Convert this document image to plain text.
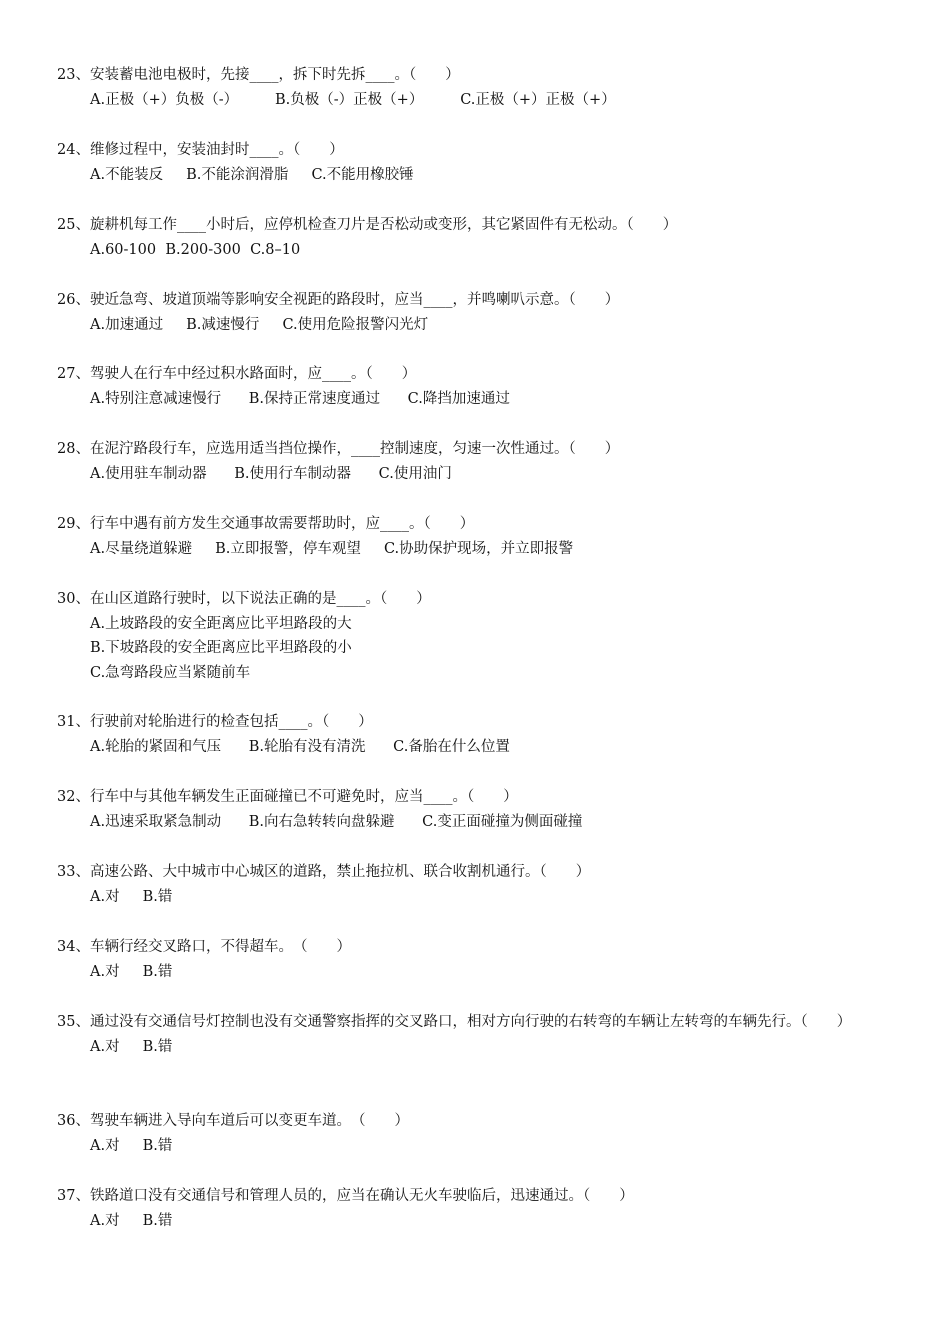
23、安装蓄电池电极时，先接____，拆下时先拆____。（　　）
A.正极（+）负极（-）	B.负极（-）正极（+）	C.正极（+）正极（+）
24、维修过程中，安装油封时____。（　　）
A.不能装反 B.不能涂润滑脂 C.不能用橡胶锤
25、旋耕机每工作____小时后，应停机检查刀片是否松动或变形，其它紧固件有无松动。（　　）
A.60-100 B.200-300 C.8–10
26、驶近急弯、坡道顶端等影响安全视距的路段时，应当____，并鸣喇叭示意。（　　）
A.加速通过 B.减速慢行 C.使用危险报警闪光灯
27、驾驶人在行车中经过积水路面时，应____。（　　）
A.特别注意减速慢行 B.保持正常速度通过 C.降挡加速通过
28、在泥泞路段行车，应选用适当挡位操作，____控制速度，匀速一次性通过。（　　）
A.使用驻车制动器 B.使用行车制动器 C.使用油门
29、行车中遇有前方发生交通事故需要帮助时，应____。（　　）
A.尽量绕道躲避 B.立即报警，停车观望 C.协助保护现场，并立即报警
30、在山区道路行驶时，以下说法正确的是____。（　　）
A.上坡路段的安全距离应比平坦路段的大
B.下坡路段的安全距离应比平坦路段的小
C.急弯路段应当紧随前车
31、行驶前对轮胎进行的检查包括____。（　　）
A.轮胎的紧固和气压 B.轮胎有没有清洗 C.备胎在什么位置
32、行车中与其他车辆发生正面碰撞已不可避免时，应当____。（　　）
A.迅速采取紧急制动 B.向右急转转向盘躲避 C.变正面碰撞为侧面碰撞
33、高速公路、大中城市中心城区的道路，禁止拖拉机、联合收割机通行。（　　）
A.对 B.错
34、车辆行经交叉路口，不得超车。　（　　）
A.对 B.错
35、通过没有交通信号灯控制也没有交通警察指挥的交叉路口，相对方向行驶的右转弯的车辆让左转弯的车辆先行。（　　）
A.对 B.错
36、驾驶车辆进入导向车道后可以变更车道。　（　　）
A.对 B.错
37、铁路道口没有交通信号和管理人员的，应当在确认无火车驶临后，迅速通过。（　　）
A.对 B.错
